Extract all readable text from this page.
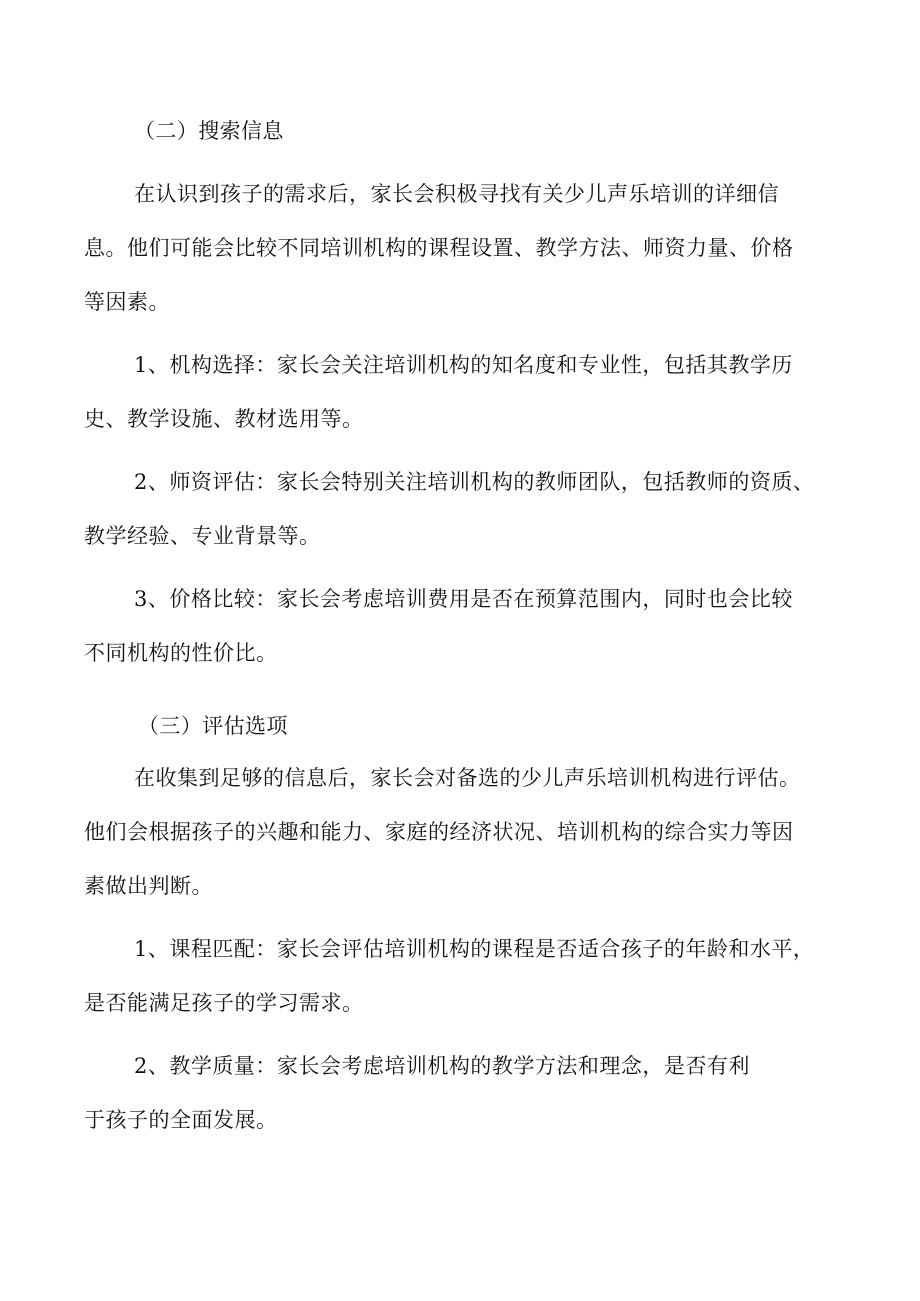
（二）搜索信息
在认识到孩子的需求后，家长会积极寻找有关少儿声乐培训的详细信
息。他们可能会比较不同培训机构的课程设置、教学方法、师资力量、价格
等因素。
1、机构选择：家长会关注培训机构的知名度和专业性，包括其教学历
史、教学设施、教材选用等。
2、师资评估：家长会特别关注培训机构的教师团队，包括教师的资质、
教学经验、专业背景等。
3、价格比较：家长会考虑培训费用是否在预算范围内，同时也会比较
不同机构的性价比。
（三）评估选项
在收集到足够的信息后，家长会对备选的少儿声乐培训机构进行评估。
他们会根据孩子的兴趣和能力、家庭的经济状况、培训机构的综合实力等因
素做出判断。
1、课程匹配：家长会评估培训机构的课程是否适合孩子的年龄和水平，
是否能满足孩子的学习需求。
2、教学质量：家长会考虑培训机构的教学方法和理念，是否有利
于孩子的全面发展。
